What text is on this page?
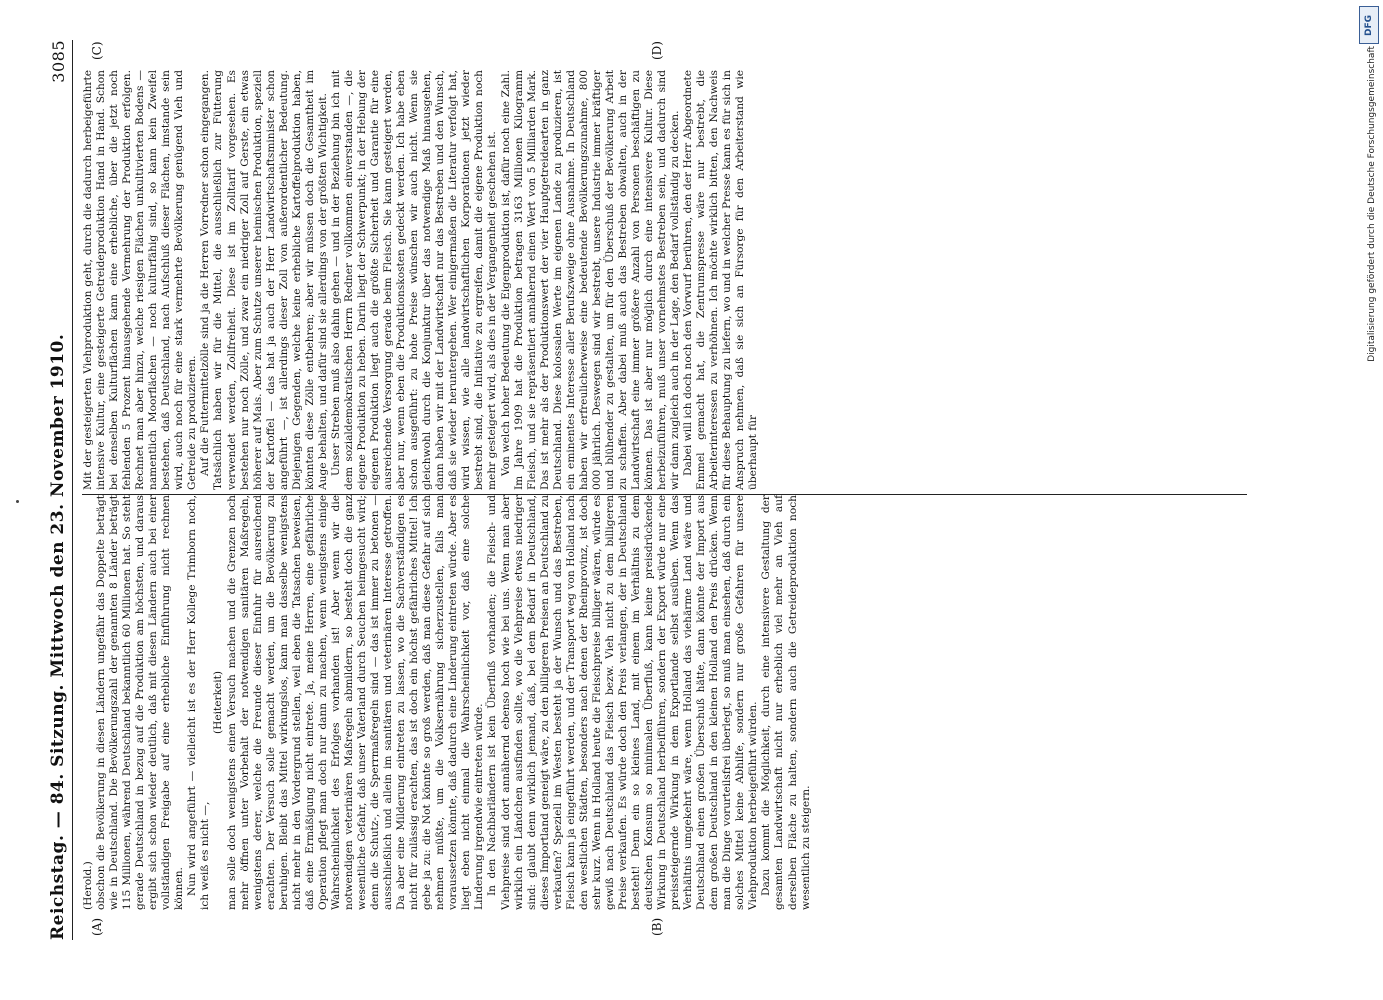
Reichstag. — 84. Sitzung. Mittwoch den 23. November 1910.
3085
(A)	(B)
(C)	(D)

(Herold.) obschon die Bevölkerung in diesen Ländern ungefähr das Doppelte beträgt wie in Deutschland. Die Bevölkerungszahl der genannten 8 Länder beträgt 115 Millionen, während Deutschland bekanntlich 60 Millionen hat. So steht gerade Deutschland in bezug auf die Produktion am höchsten, und daraus ergibt sich schon wieder deutlich, daß mit diesen Ländern auch bei einer vollständigen Freigabe auf eine erhebliche Einführung nicht rechnen können. Nun wird angeführt — vielleicht ist es der Herr Kollege Trimborn noch, ich weiß es nicht —,

(Heiterkeit) man solle doch wenigstens einen Versuch machen und die Grenzen noch mehr öffnen unter Vorbehalt der notwendigen sanitären Maßregeln, wenigstens derer, welche die Freunde dieser Einfuhr für ausreichend erachten. Der Versuch solle gemacht werden, um die Bevölkerung zu beruhigen. Bleibt das Mittel wirkungslos, kann man dasselbe wenigstens nicht mehr in den Vordergrund stellen, weil eben die Tatsachen beweisen, daß eine Ermäßigung nicht eintrete. Ja, meine Herren, eine gefährliche Operation pflegt man doch nur dann zu machen, wenn wenigstens einige Wahrscheinlichkeit des Erfolges vorhanden ist! Aber wenn wir die notwendigen veterinären Maßregeln abmildern, so besteht doch die ganz wesentliche Gefahr, daß unser Vaterland durch Seuchen heimgesucht wird; denn die Schutz-, die Sperrmaßregeln sind — das ist immer zu betonen — ausschließlich und allein im sanitären und veterinären Interesse getroffen. Da aber eine Milderung eintreten zu lassen, wo die Sachverständigen es nicht für zulässig erachten, das ist doch ein höchst gefährliches Mittel! Ich gebe ja zu: die Not könnte so groß werden, daß man diese Gefahr auf sich nehmen müßte, um die Volksernährung sicherzustellen, falls man voraussetzen könnte, daß dadurch eine Linderung eintreten würde. Aber es liegt eben nicht einmal die Wahrscheinlichkeit vor, daß eine solche Linderung irgendwie eintreten würde. In den Nachbarländern ist kein Überfluß vorhanden; die Fleisch- und Viehpreise sind dort annähernd ebenso hoch wie bei uns. Wenn man aber wirklich ein Ländchen ausfinden sollte, wo die Viehpreise etwas niedriger sind: glaubt denn wirklich jemand, daß, bei dem Bedarf in Deutschland, dieses Importland geneigt wäre, zu den billigeren Preisen an Deutschland zu verkaufen? Speziell im Westen besteht ja der Wunsch und das Bestreben, Fleisch kann ja eingeführt werden, und der Transport weg von Holland nach den westlichen Städten, besonders nach denen der Rheinprovinz, ist doch sehr kurz. Wenn in Holland heute die Fleischpreise billiger wären, würde es gewiß nach Deutschland das Fleisch bezw. Vieh nicht zu dem billigeren Preise verkaufen. Es würde doch den Preis verlangen, der in Deutschland besteht! Denn ein so kleines Land, mit einem im Verhältnis zu dem deutschen Konsum so minimalen Überfluß, kann keine preisdrückende Wirkung in Deutschland herbeiführen, sondern der Export würde nur eine preissteigernde Wirkung in dem Exportlande selbst ausüben. Wenn das Verhältnis umgekehrt wäre, wenn Holland das viehärme Land wäre und Deutschland einen großen Überschuß hätte, dann könnte der Import aus dem großen Deutschland in den kleinen Holland den Preis drücken. Wenn man die Dinge vorurteilsfrei überlegt, so muß man einsehen, daß durch ein solches Mittel keine Abhilfe, sondern nur große Gefahren für unsere Viehproduktion herbeigeführt würden. Dazu kommt die Möglichkeit, durch eine intensivere Gestaltung der gesamten Landwirtschaft nicht nur erheblich viel mehr an Vieh auf derselben Fläche zu halten, sondern auch die Getreideproduktion noch wesentlich zu steigern.

Mit der gesteigerten Viehproduktion geht, durch die dadurch herbeigeführte intensive Kultur, eine gesteigerte Getreideproduktion Hand in Hand. Schon bei denselben Kulturflächen kann eine erhebliche, über die jetzt noch fehlenden 5 Prozent hinausgehende Vermehrung der Produktion erfolgen. Rechnet man aber hinzu, welche riesigen Flächen unkultivierten Bodens — namentlich Moorflächen — noch kulturfähig sind, so kann kein Zweifel bestehen, daß Deutschland, nach Aufschluß dieser Flächen, imstande sein wird, auch noch für eine stark vermehrte Bevölkerung genügend Vieh und Getreide zu produzieren. Auf die Futtermittelzölle sind ja die Herren Vorredner schon eingegangen. Tatsächlich haben wir für die Mittel, die ausschließlich zur Fütterung verwendet werden, Zollfreiheit. Diese ist im Zolltarif vorgesehen. Es bestehen nur noch Zölle, und zwar ein niedriger Zoll auf Gerste, ein etwas höherer auf Mais. Aber zum Schutze unserer heimischen Produktion, speziell der Kartoffel — das hat ja auch der Herr Landwirtschaftsminister schon angeführt —, ist allerdings dieser Zoll von außerordentlicher Bedeutung. Diejenigen Gegenden, welche keine erhebliche Kartoffelproduktion haben, könnten diese Zölle entbehren; aber wir müssen doch die Gesamtheit im Auge behalten, und dafür sind sie allerdings von der größten Wichtigkeit. Unser Streben muß also dahin gehen — und in der Beziehung bin ich mit dem sozialdemokratischen Herrn Redner vollkommen einverstanden —, die eigene Produktion zu heben. Darin liegt der Schwerpunkt; in der Hebung der eigenen Produktion liegt auch die größte Sicherheit und Garantie für eine ausreichende Versorgung gerade beim Fleisch. Sie kann gesteigert werden, aber nur, wenn eben die Produktionskosten gedeckt werden. Ich habe eben schon ausgeführt: zu hohe Preise wünschen wir auch nicht. Wenn sie gleichwohl durch die Konjunktur über das notwendige Maß hinausgehen, dann haben wir mit der Landwirtschaft nur das Bestreben und den Wunsch, daß sie wieder heruntergehen. Wer einigermaßen die Literatur verfolgt hat, wird wissen, wie alle landwirtschaftlichen Korporationen jetzt wieder bestrebt sind, die Initiative zu ergreifen, damit die eigene Produktion noch mehr gesteigert wird, als dies in der Vergangenheit geschehen ist. Von welch hoher Bedeutung die Eigenproduktion ist, dafür noch eine Zahl. Im Jahre 1909 hat die Produktion betragen 3163 Millionen Kilogramm Fleisch, und sie repräsentiert annähernd einen Wert von 5 Milliarden Mark. Das ist mehr als der Produktionswert der vier Hauptgetreidearten in ganz Deutschland. Diese kolossalen Werte im eigenen Lande zu produzieren, ist ein eminentes Interesse aller Berufszweige ohne Ausnahme. In Deutschland haben wir erfreulicherweise eine bedeutende Bevölkerungszunahme, 800 000 jährlich. Deswegen sind wir bestrebt, unsere Industrie immer kräftiger und blühender zu gestalten, um für den Überschuß der Bevölkerung Arbeit zu schaffen. Aber dabei muß auch das Bestreben obwalten, auch in der Landwirtschaft eine immer größere Anzahl von Personen beschäftigen zu können. Das ist aber nur möglich durch eine intensivere Kultur. Diese herbeizuführen, muß unser vornehmstes Bestreben sein, und dadurch sind wir dann zugleich auch in der Lage, den Bedarf vollständig zu decken. Dabei will ich doch noch den Vorwurf berühren, den der Herr Abgeordnete Emmel gemacht hat, die Zentrumspresse wäre nur bestrebt, die Arbeiterinteressen zu verhöhnen. Ich möchte wirklich bitten, den Nachweis für diese Behauptung zu liefern, wo und in welcher Presse kann es für sich in Anspruch nehmen, daß sie sich an Fürsorge für den Arbeiterstand wie überhaupt für

DFG
Digitalisierung gefördert durch die Deutsche Forschungsgemeinschaft
